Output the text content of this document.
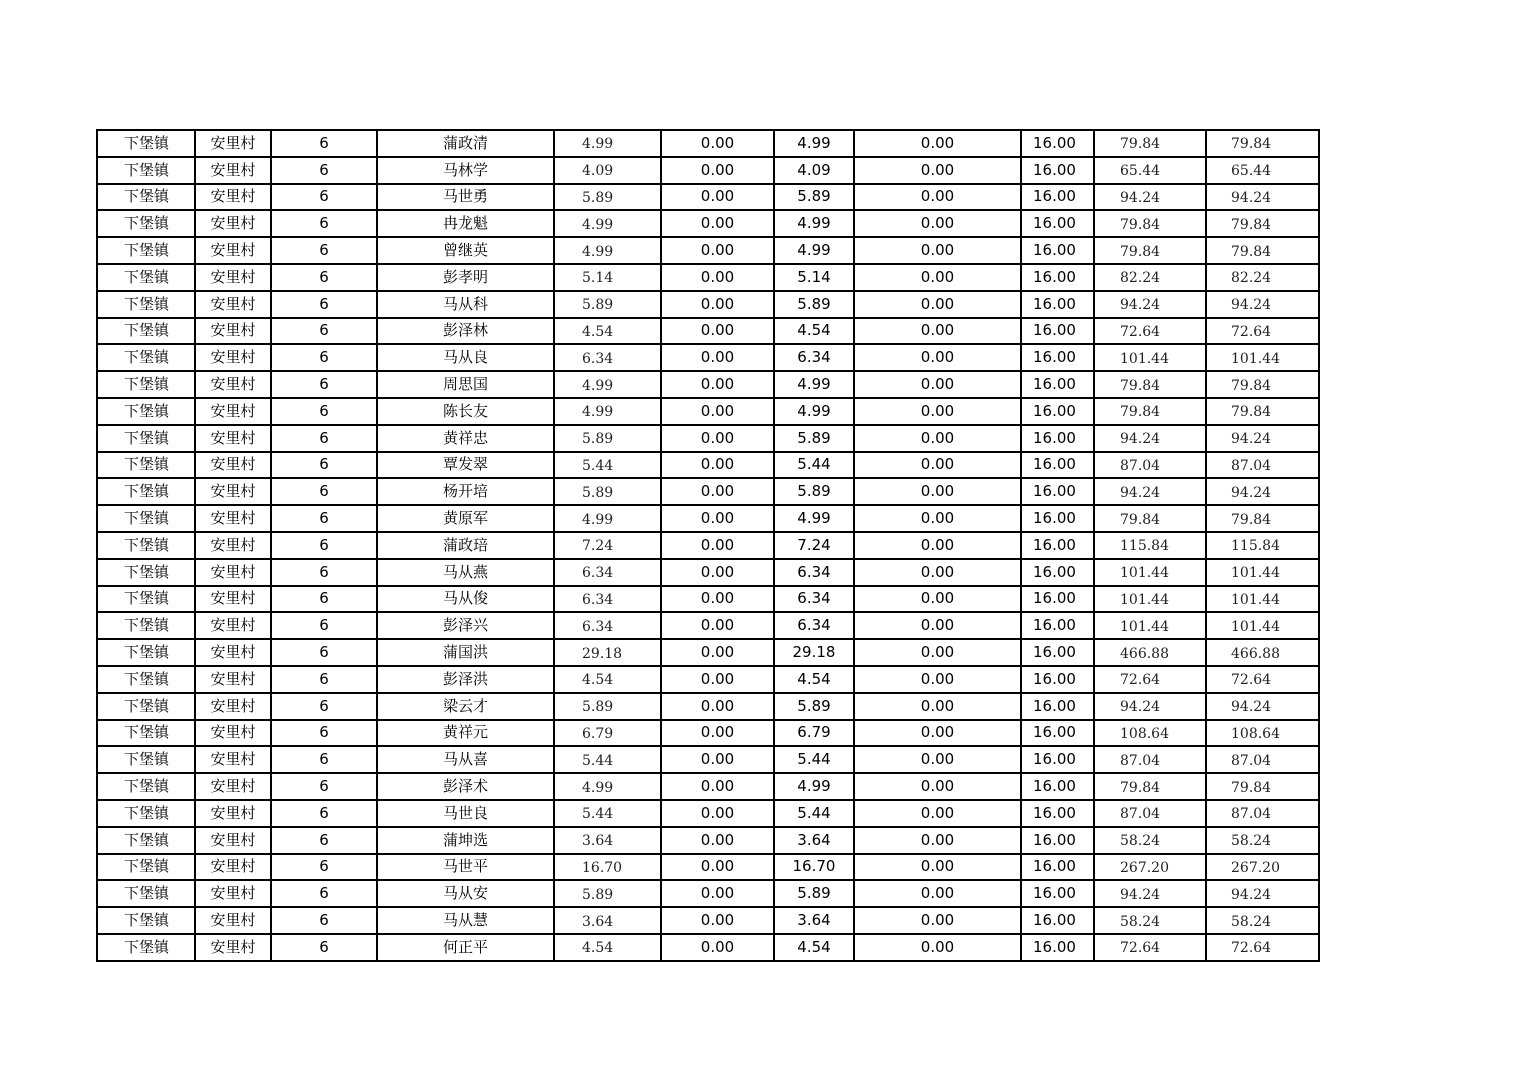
下堡镇	安里村	6	蒲政清	4.99	0.00	4.99	0.00	16.00	79.84	79.84
下堡镇	安里村	6	马林学	4.09	0.00	4.09	0.00	16.00	65.44	65.44
下堡镇	安里村	6	马世勇	5.89	0.00	5.89	0.00	16.00	94.24	94.24
下堡镇	安里村	6	冉龙魁	4.99	0.00	4.99	0.00	16.00	79.84	79.84
下堡镇	安里村	6	曾继英	4.99	0.00	4.99	0.00	16.00	79.84	79.84
下堡镇	安里村	6	彭孝明	5.14	0.00	5.14	0.00	16.00	82.24	82.24
下堡镇	安里村	6	马从科	5.89	0.00	5.89	0.00	16.00	94.24	94.24
下堡镇	安里村	6	彭泽林	4.54	0.00	4.54	0.00	16.00	72.64	72.64
下堡镇	安里村	6	马从良	6.34	0.00	6.34	0.00	16.00	101.44	101.44
下堡镇	安里村	6	周思国	4.99	0.00	4.99	0.00	16.00	79.84	79.84
下堡镇	安里村	6	陈长友	4.99	0.00	4.99	0.00	16.00	79.84	79.84
下堡镇	安里村	6	黄祥忠	5.89	0.00	5.89	0.00	16.00	94.24	94.24
下堡镇	安里村	6	覃发翠	5.44	0.00	5.44	0.00	16.00	87.04	87.04
下堡镇	安里村	6	杨开培	5.89	0.00	5.89	0.00	16.00	94.24	94.24
下堡镇	安里村	6	黄原军	4.99	0.00	4.99	0.00	16.00	79.84	79.84
下堡镇	安里村	6	蒲政琣	7.24	0.00	7.24	0.00	16.00	115.84	115.84
下堡镇	安里村	6	马从燕	6.34	0.00	6.34	0.00	16.00	101.44	101.44
下堡镇	安里村	6	马从俊	6.34	0.00	6.34	0.00	16.00	101.44	101.44
下堡镇	安里村	6	彭泽兴	6.34	0.00	6.34	0.00	16.00	101.44	101.44
下堡镇	安里村	6	蒲国洪	29.18	0.00	29.18	0.00	16.00	466.88	466.88
下堡镇	安里村	6	彭泽洪	4.54	0.00	4.54	0.00	16.00	72.64	72.64
下堡镇	安里村	6	梁云才	5.89	0.00	5.89	0.00	16.00	94.24	94.24
下堡镇	安里村	6	黄祥元	6.79	0.00	6.79	0.00	16.00	108.64	108.64
下堡镇	安里村	6	马从喜	5.44	0.00	5.44	0.00	16.00	87.04	87.04
下堡镇	安里村	6	彭泽术	4.99	0.00	4.99	0.00	16.00	79.84	79.84
下堡镇	安里村	6	马世良	5.44	0.00	5.44	0.00	16.00	87.04	87.04
下堡镇	安里村	6	蒲坤选	3.64	0.00	3.64	0.00	16.00	58.24	58.24
下堡镇	安里村	6	马世平	16.70	0.00	16.70	0.00	16.00	267.20	267.20
下堡镇	安里村	6	马从安	5.89	0.00	5.89	0.00	16.00	94.24	94.24
下堡镇	安里村	6	马从慧	3.64	0.00	3.64	0.00	16.00	58.24	58.24
下堡镇	安里村	6	何正平	4.54	0.00	4.54	0.00	16.00	72.64	72.64
